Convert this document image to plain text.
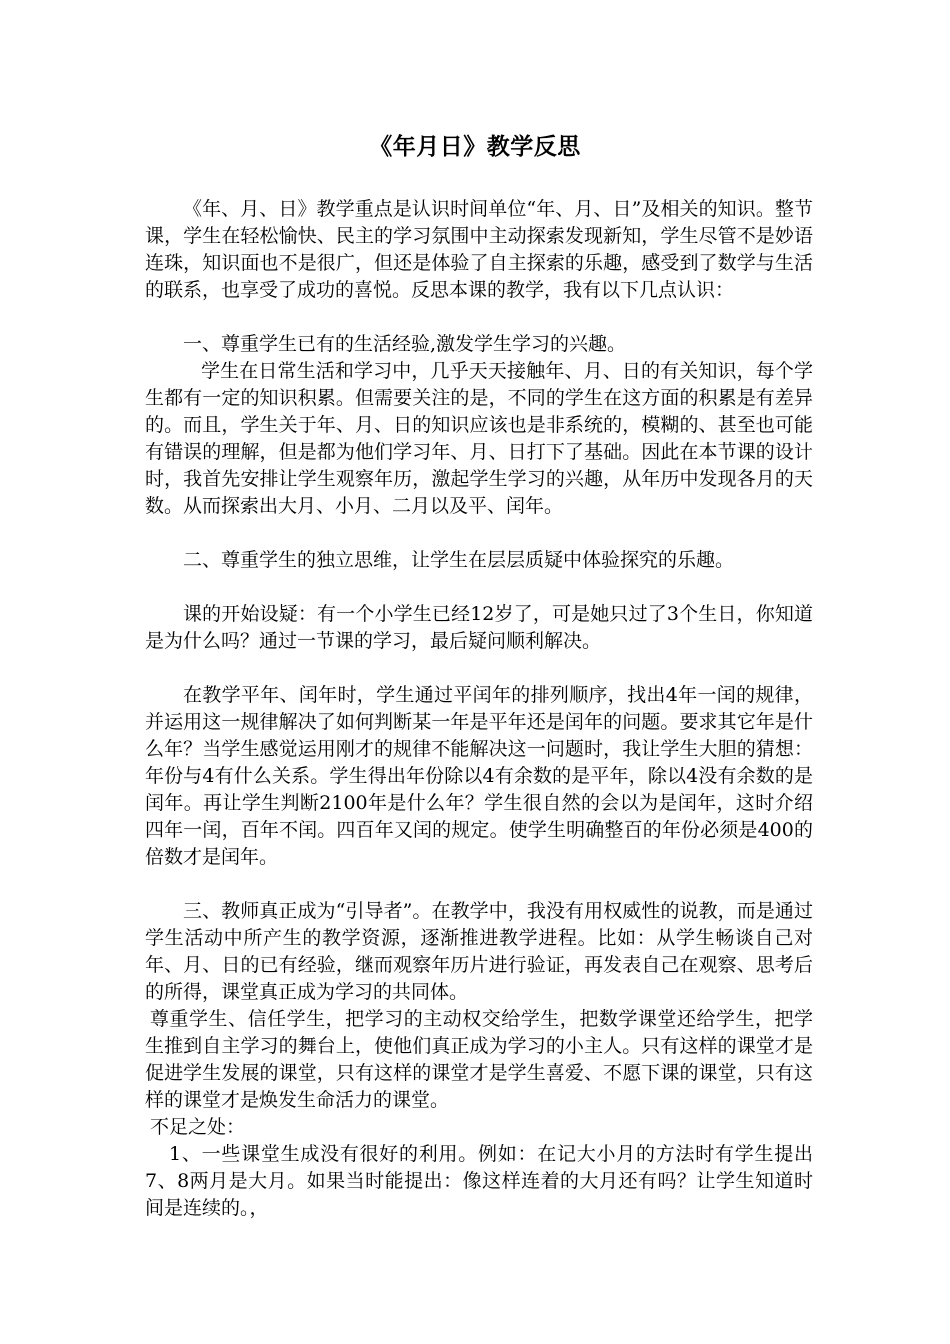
《年月日》教学反思

《年、月、日》教学重点是认识时间单位“年、月、日”及相关的知识。整节课，学生在轻松愉快、民主的学习氛围中主动探索发现新知，学生尽管不是妙语连珠，知识面也不是很广，但还是体验了自主探索的乐趣，感受到了数学与生活的联系，也享受了成功的喜悦。反思本课的教学，我有以下几点认识：

一、尊重学生已有的生活经验,激发学生学习的兴趣。

学生在日常生活和学习中，几乎天天接触年、月、日的有关知识，每个学生都有一定的知识积累。但需要关注的是，不同的学生在这方面的积累是有差异的。而且，学生关于年、月、日的知识应该也是非系统的，模糊的、甚至也可能有错误的理解，但是都为他们学习年、月、日打下了基础。因此在本节课的设计时，我首先安排让学生观察年历，激起学生学习的兴趣，从年历中发现各月的天数。从而探索出大月、小月、二月以及平、闰年。

二、尊重学生的独立思维，让学生在层层质疑中体验探究的乐趣。

课的开始设疑：有一个小学生已经12岁了，可是她只过了3个生日，你知道是为什么吗？通过一节课的学习，最后疑问顺利解决。

在教学平年、闰年时，学生通过平闰年的排列顺序，找出4年一闰的规律，并运用这一规律解决了如何判断某一年是平年还是闰年的问题。要求其它年是什么年？当学生感觉运用刚才的规律不能解决这一问题时，我让学生大胆的猜想：年份与4有什么关系。学生得出年份除以4有余数的是平年，除以4没有余数的是闰年。再让学生判断2100年是什么年？学生很自然的会以为是闰年，这时介绍四年一闰，百年不闰。四百年又闰的规定。使学生明确整百的年份必须是400的倍数才是闰年。

三、教师真正成为“引导者”。在教学中，我没有用权威性的说教，而是通过学生活动中所产生的教学资源，逐渐推进教学进程。比如：从学生畅谈自己对年、月、日的已有经验，继而观察年历片进行验证，再发表自己在观察、思考后的所得，课堂真正成为学习的共同体。

尊重学生、信任学生，把学习的主动权交给学生，把数学课堂还给学生，把学生推到自主学习的舞台上，使他们真正成为学习的小主人。只有这样的课堂才是促进学生发展的课堂，只有这样的课堂才是学生喜爱、不愿下课的课堂，只有这样的课堂才是焕发生命活力的课堂。

不足之处：

1、一些课堂生成没有很好的利用。例如：在记大小月的方法时有学生提出7、8两月是大月。如果当时能提出：像这样连着的大月还有吗？让学生知道时间是连续的。，
